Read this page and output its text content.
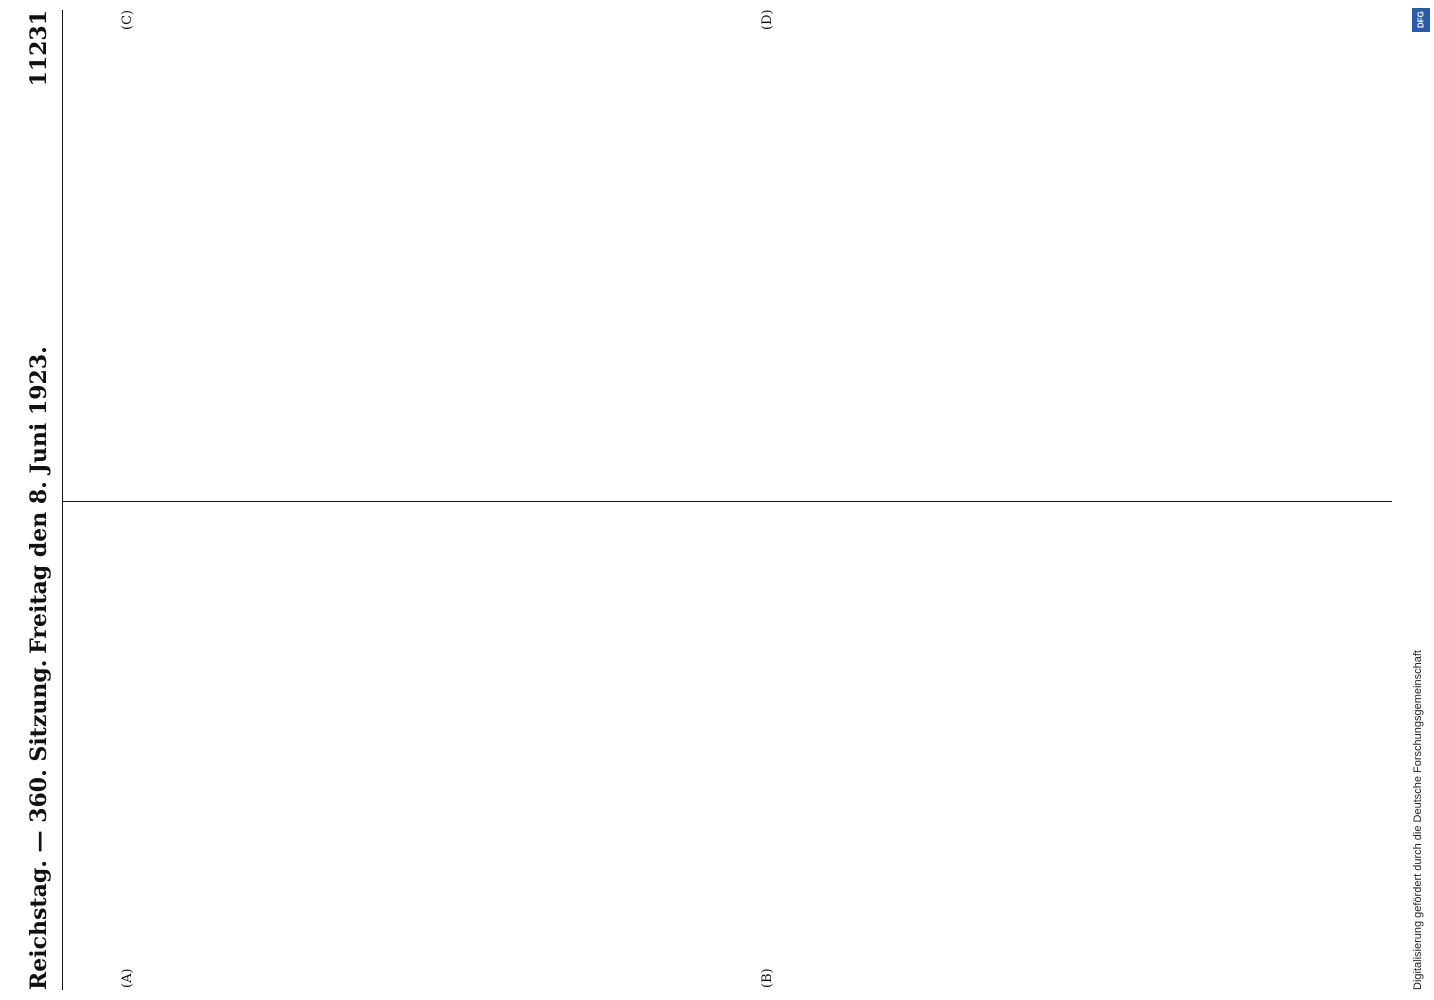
Reichstag. — 360. Sitzung.
Freitag den 8. Juni 1923.
11231
(A)	(B)
(C)	(D)
Digitalisierung gefördert durch die Deutsche Forschungsgemeinschaft
DFG
